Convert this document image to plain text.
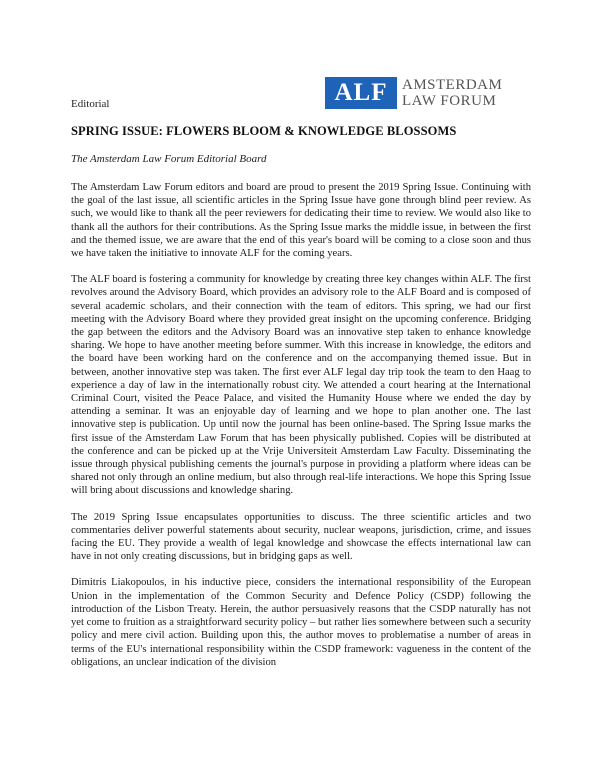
Editorial	ALF AMSTERDAM
LAW FORUM
SPRING ISSUE: FLOWERS BLOOM & KNOWLEDGE BLOSSOMS
The Amsterdam Law Forum Editorial Board

The Amsterdam Law Forum editors and board are proud to present the 2019 Spring Issue. Continuing with the goal of the last issue, all scientific articles in the Spring Issue have gone through blind peer review. As such, we would like to thank all the peer reviewers for dedicating their time to review. We would also like to thank all the authors for their contributions. As the Spring Issue marks the middle issue, in between the first and the themed issue, we are aware that the end of this year's board will be coming to a close soon and thus we have taken the initiative to innovate ALF for the coming years.

The ALF board is fostering a community for knowledge by creating three key changes within ALF. The first revolves around the Advisory Board, which provides an advisory role to the ALF Board and is composed of several academic scholars, and their connection with the team of editors. This spring, we had our first meeting with the Advisory Board where they provided great insight on the upcoming conference. Bridging the gap between the editors and the Advisory Board was an innovative step taken to enhance knowledge sharing. We hope to have another meeting before summer. With this increase in knowledge, the editors and the board have been working hard on the conference and on the accompanying themed issue. But in between, another innovative step was taken. The first ever ALF legal day trip took the team to den Haag to experience a day of law in the internationally robust city. We attended a court hearing at the International Criminal Court, visited the Peace Palace, and visited the Humanity House where we ended the day by attending a seminar. It was an enjoyable day of learning and we hope to plan another one. The last innovative step is publication. Up until now the journal has been online-based. The Spring Issue marks the first issue of the Amsterdam Law Forum that has been physically published. Copies will be distributed at the conference and can be picked up at the Vrije Universiteit Amsterdam Law Faculty. Disseminating the issue through physical publishing cements the journal's purpose in providing a platform where ideas can be shared not only through an online medium, but also through real-life interactions. We hope this Spring Issue will bring about discussions and knowledge sharing.

The 2019 Spring Issue encapsulates opportunities to discuss. The three scientific articles and two commentaries deliver powerful statements about security, nuclear weapons, jurisdiction, crime, and issues facing the EU. They provide a wealth of legal knowledge and showcase the effects international law can have in not only creating discussions, but in bridging gaps as well.

Dimitris Liakopoulos, in his inductive piece, considers the international responsibility of the European Union in the implementation of the Common Security and Defence Policy (CSDP) following the introduction of the Lisbon Treaty. Herein, the author persuasively reasons that the CSDP naturally has not yet come to fruition as a straightforward security policy – but rather lies somewhere between such a security policy and mere civil action. Building upon this, the author moves to problematise a number of areas in terms of the EU's international responsibility within the CSDP framework: vagueness in the content of the obligations, an unclear indication of the division
